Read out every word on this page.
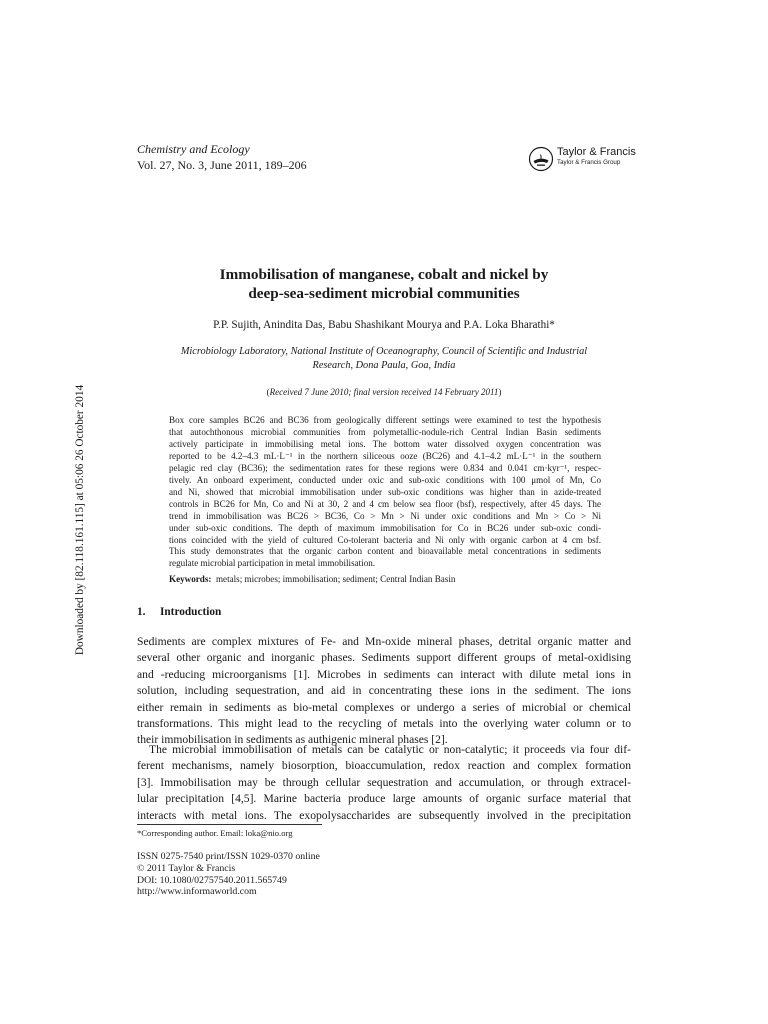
Downloaded by [82.118.161.115] at 05:06 26 October 2014
Chemistry and Ecology
Vol. 27, No. 3, June 2011, 189–206
Taylor & Francis
Taylor & Francis Group
Immobilisation of manganese, cobalt and nickel by
deep-sea-sediment microbial communities
P.P. Sujith, Anindita Das, Babu Shashikant Mourya and P.A. Loka Bharathi*
Microbiology Laboratory, National Institute of Oceanography, Council of Scientific and Industrial
Research, Dona Paula, Goa, India
(Received 7 June 2010; final version received 14 February 2011)
Box core samples BC26 and BC36 from geologically different settings were examined to test the hypothesis
that autochthonous microbial communities from polymetallic-nodule-rich Central Indian Basin sediments
actively participate in immobilising metal ions. The bottom water dissolved oxygen concentration was
reported to be 4.2–4.3 mL·L⁻¹ in the northern siliceous ooze (BC26) and 4.1–4.2 mL·L⁻¹ in the southern
pelagic red clay (BC36); the sedimentation rates for these regions were 0.834 and 0.041 cm·kyr⁻¹, respec-
tively. An onboard experiment, conducted under oxic and sub-oxic conditions with 100 μmol of Mn, Co
and Ni, showed that microbial immobilisation under sub-oxic conditions was higher than in azide-treated
controls in BC26 for Mn, Co and Ni at 30, 2 and 4 cm below sea floor (bsf), respectively, after 45 days. The
trend in immobilisation was BC26 > BC36, Co > Mn > Ni under oxic conditions and Mn > Co > Ni
under sub-oxic conditions. The depth of maximum immobilisation for Co in BC26 under sub-oxic condi-
tions coincided with the yield of cultured Co-tolerant bacteria and Ni only with organic carbon at 4 cm bsf.
This study demonstrates that the organic carbon content and bioavailable metal concentrations in sediments
regulate microbial participation in metal immobilisation.
Keywords: metals; microbes; immobilisation; sediment; Central Indian Basin
1. Introduction
Sediments are complex mixtures of Fe- and Mn-oxide mineral phases, detrital organic matter and
several other organic and inorganic phases. Sediments support different groups of metal-oxidising
and -reducing microorganisms [1]. Microbes in sediments can interact with dilute metal ions in
solution, including sequestration, and aid in concentrating these ions in the sediment. The ions
either remain in sediments as bio-metal complexes or undergo a series of microbial or chemical
transformations. This might lead to the recycling of metals into the overlying water column or to
their immobilisation in sediments as authigenic mineral phases [2].
The microbial immobilisation of metals can be catalytic or non-catalytic; it proceeds via four dif-
ferent mechanisms, namely biosorption, bioaccumulation, redox reaction and complex formation
[3]. Immobilisation may be through cellular sequestration and accumulation, or through extracel-
lular precipitation [4,5]. Marine bacteria produce large amounts of organic surface material that
interacts with metal ions. The exopolysaccharides are subsequently involved in the precipitation
*Corresponding author. Email: loka@nio.org
ISSN 0275-7540 print/ISSN 1029-0370 online
© 2011 Taylor & Francis
DOI: 10.1080/02757540.2011.565749
http://www.informaworld.com
